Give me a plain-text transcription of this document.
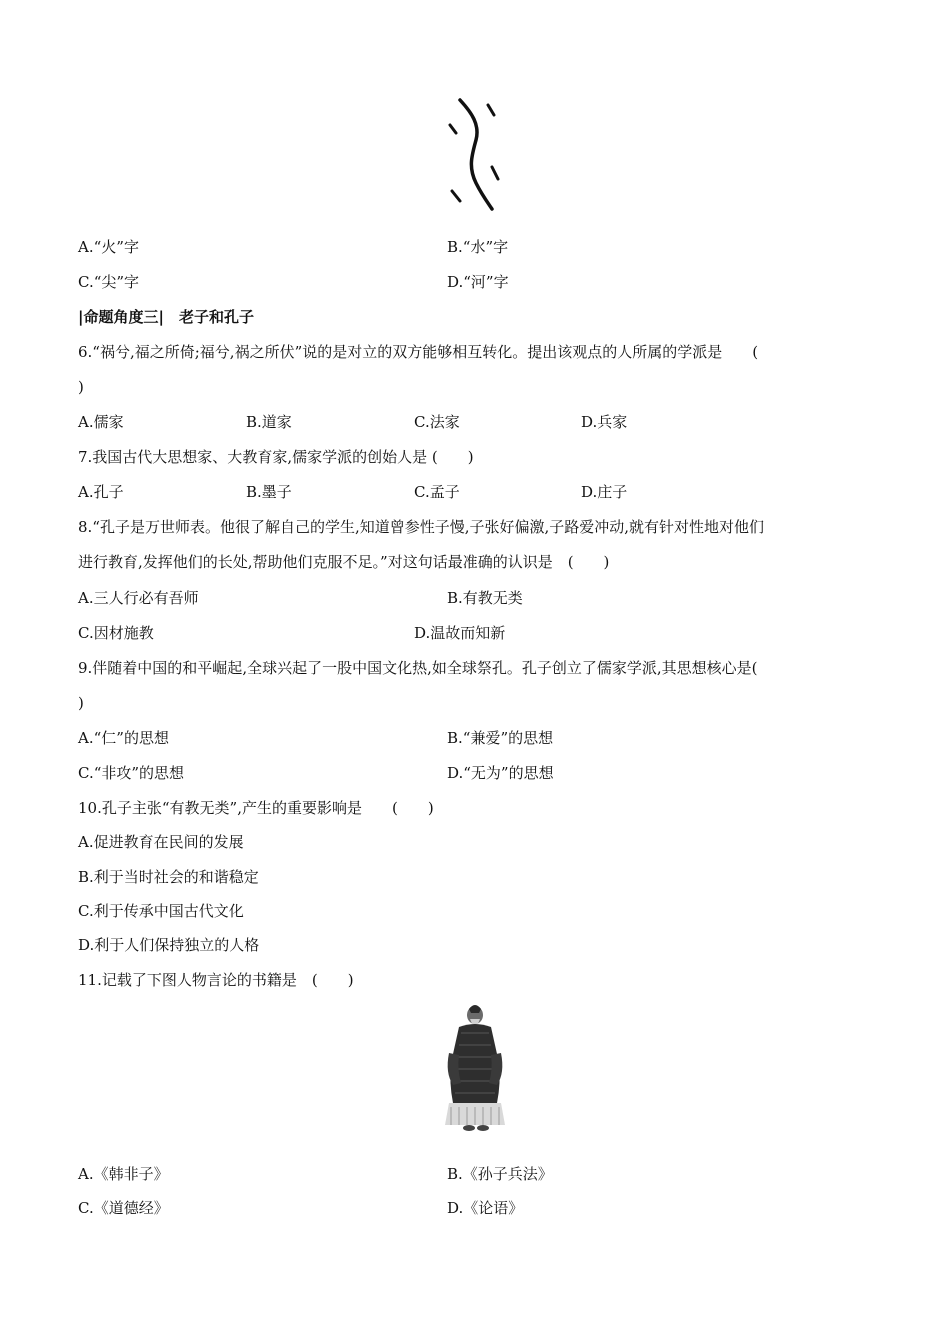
A.“火”字	B.“水”字
C.“尖”字	D.“河”字
|命题角度三|　老子和孔子
6.“祸兮,福之所倚;福兮,祸之所伏”说的是对立的双方能够相互转化。提出该观点的人所属的学派是　　(
)
A.儒家	B.道家	C.法家	D.兵家
7.我国古代大思想家、大教育家,儒家学派的创始人是 (　　)
A.孔子	B.墨子	C.孟子	D.庄子
8.“孔子是万世师表。他很了解自己的学生,知道曾参性子慢,子张好偏激,子路爱冲动,就有针对性地对他们
进行教育,发挥他们的长处,帮助他们克服不足。”对这句话最准确的认识是　(　　)
A.三人行必有吾师	B.有教无类
C.因材施教	D.温故而知新
9.伴随着中国的和平崛起,全球兴起了一股中国文化热,如全球祭孔。孔子创立了儒家学派,其思想核心是(
)
A.“仁”的思想	B.“兼爱”的思想
C.“非攻”的思想	D.“无为”的思想
10.孔子主张“有教无类”,产生的重要影响是　　(　　)
A.促进教育在民间的发展
B.利于当时社会的和谐稳定
C.利于传承中国古代文化
D.利于人们保持独立的人格
11.记载了下图人物言论的书籍是　(　　)
A.《韩非子》	B.《孙子兵法》
C.《道德经》	D.《论语》
